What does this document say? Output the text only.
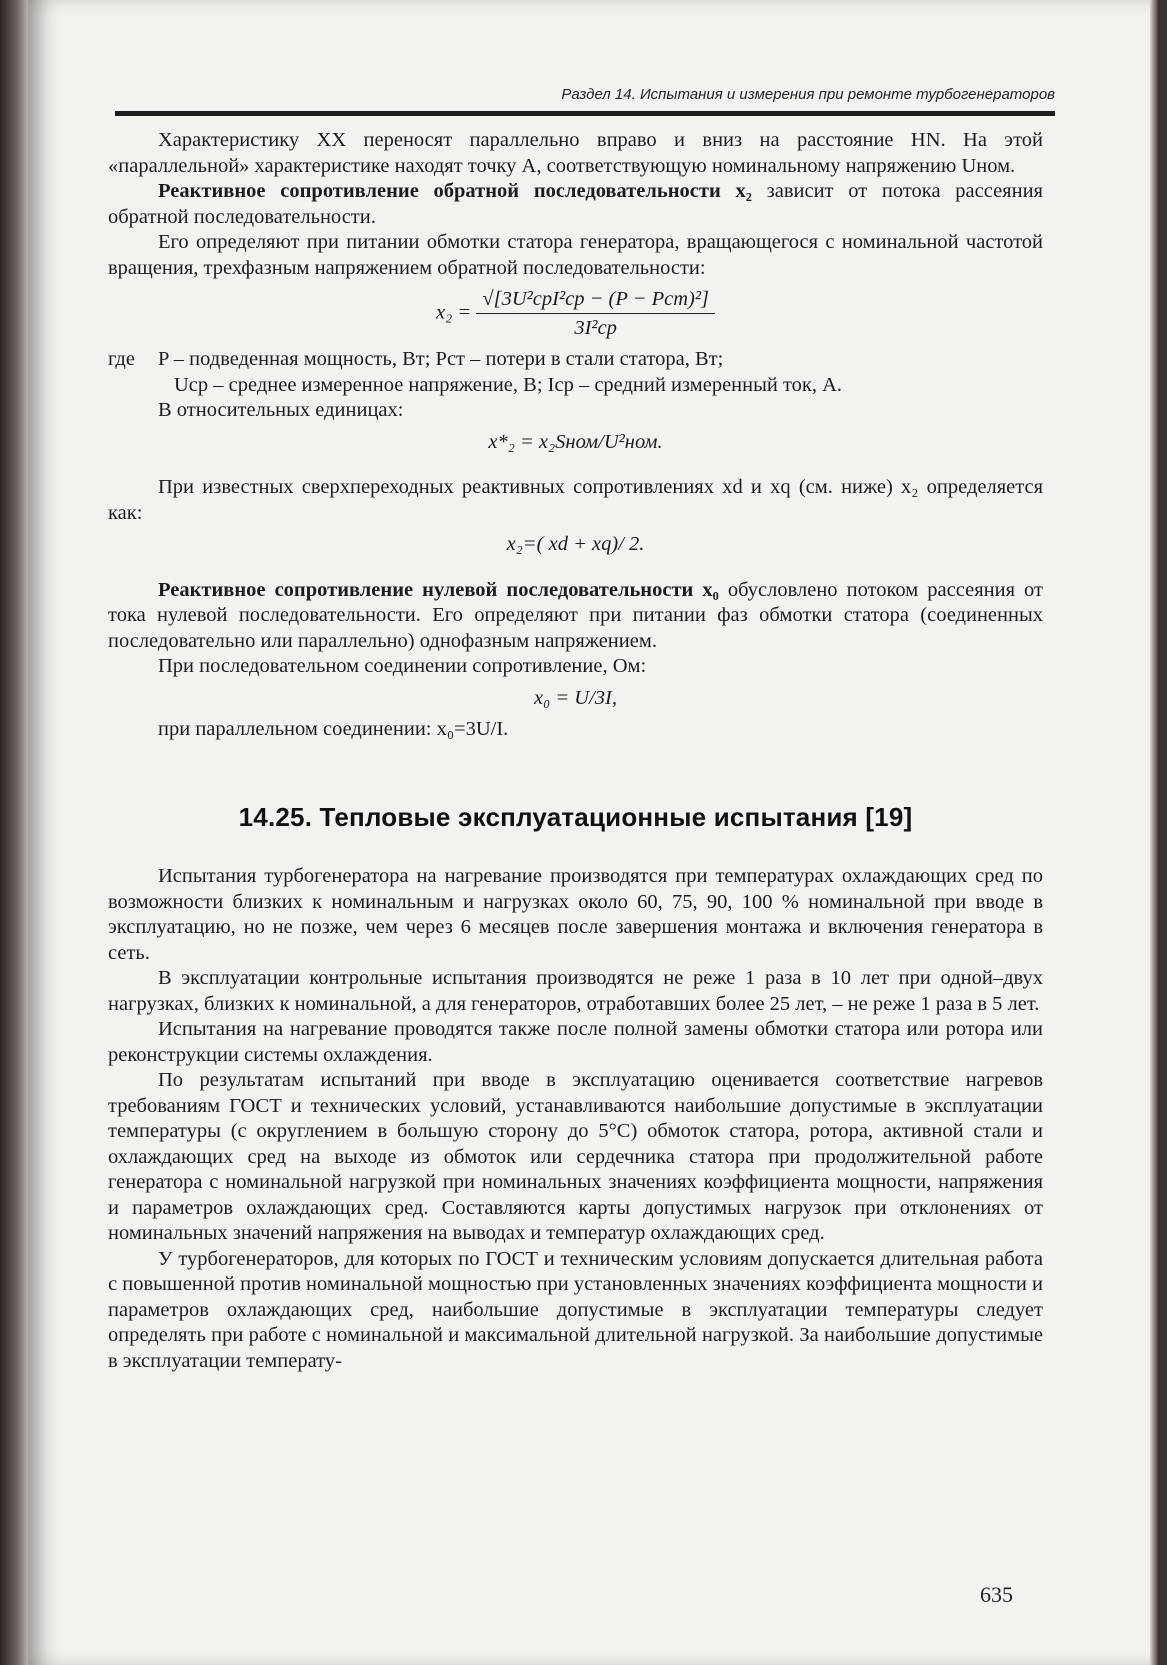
Раздел 14. Испытания и измерения при ремонте турбогенераторов

Характеристику ХХ переносят параллельно вправо и вниз на расстояние HN. На этой «параллельной» характеристике находят точку А, соответствующую номинальному напряжению Uном.

Реактивное сопротивление обратной последовательности x₂ зависит от потока рассеяния обратной последовательности.

Его определяют при питании обмотки статора генератора, вращающегося с номинальной частотой вращения, трехфазным напряжением обратной последовательности:

$x_2 = \frac{\text{√[3U²срI²ср − (P − Pст)²]}}{\text{3I²ср}}$
где	P – подведенная мощность, Вт; Pст – потери в стали статора, Вт;

Uср – среднее измеренное напряжение, В; Iср – средний измеренный ток, А.

В относительных единицах:

x*₂ = x₂Sном/U²ном.

При известных сверхпереходных реактивных сопротивлениях xd и xq (см. ниже) x₂ определяется как:

x₂=( xd + xq)/ 2.

Реактивное сопротивление нулевой последовательности x₀ обусловлено потоком рассеяния от тока нулевой последовательности. Его определяют при питании фаз обмотки статора (соединенных последовательно или параллельно) однофазным напряжением.

При последовательном соединении сопротивление, Ом:

x₀ = U/3I,

при параллельном соединении: x₀=3U/I.

14.25. Тепловые эксплуатационные испытания [19]

Испытания турбогенератора на нагревание производятся при температурах охлаждающих сред по возможности близких к номинальным и нагрузках около 60, 75, 90, 100 % номинальной при вводе в эксплуатацию, но не позже, чем через 6 месяцев после завершения монтажа и включения генератора в сеть.

В эксплуатации контрольные испытания производятся не реже 1 раза в 10 лет при одной–двух нагрузках, близких к номинальной, а для генераторов, отработавших более 25 лет, – не реже 1 раза в 5 лет.

Испытания на нагревание проводятся также после полной замены обмотки статора или ротора или реконструкции системы охлаждения.

По результатам испытаний при вводе в эксплуатацию оценивается соответствие нагревов требованиям ГОСТ и технических условий, устанавливаются наибольшие допустимые в эксплуатации температуры (с округлением в большую сторону до 5°С) обмоток статора, ротора, активной стали и охлаждающих сред на выходе из обмоток или сердечника статора при продолжительной работе генератора с номинальной нагрузкой при номинальных значениях коэффициента мощности, напряжения и параметров охлаждающих сред. Составляются карты допустимых нагрузок при отклонениях от номинальных значений напряжения на выводах и температур охлаждающих сред.

У турбогенераторов, для которых по ГОСТ и техническим условиям допускается длительная работа с повышенной против номинальной мощностью при установленных значениях коэффициента мощности и параметров охлаждающих сред, наибольшие допустимые в эксплуатации температуры следует определять при работе с номинальной и максимальной длительной нагрузкой. За наибольшие допустимые в эксплуатации температу-

635
